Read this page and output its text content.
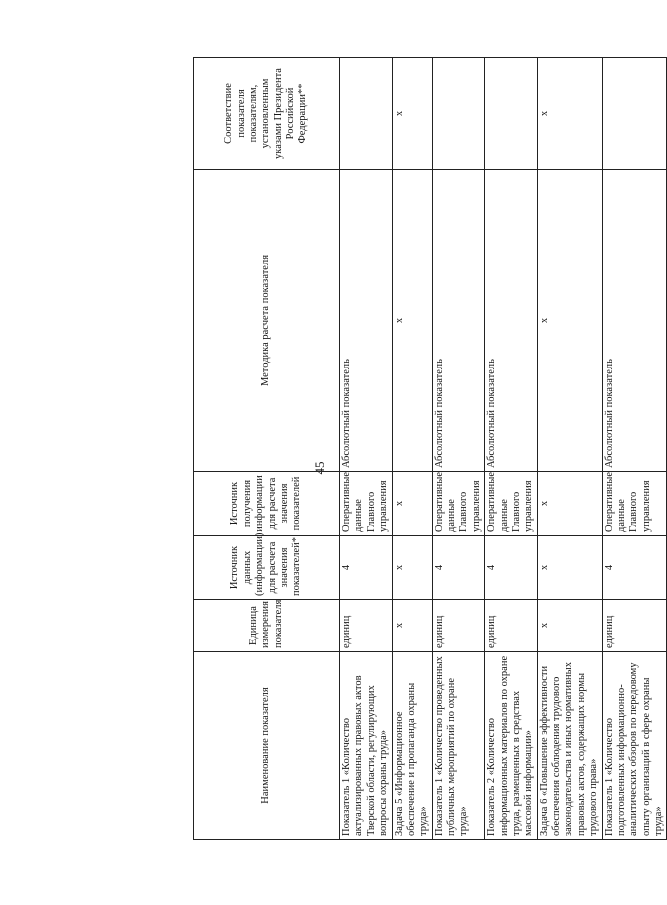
45
Наименование показателя	Единица измерения показателя	Источник данных (информации) для расчета значения показателей*	Источник получения информации для расчета значения показателей	Методика расчета показателя	Соответствие показателя показателям, установленным указами Президента Российской Федерации**
Показатель 1 «Количество актуализированных правовых актов Тверской области, регулирующих вопросы охраны труда»	единиц	4	Оперативные данные Главного управления	Абсолютный показатель	
Задача 5 «Информационное обеспечение и пропаганда охраны труда»	x	x	x	x	x
Показатель 1 «Количество проведенных публичных мероприятий по охране труда»	единиц	4	Оперативные данные Главного управления	Абсолютный показатель	
Показатель 2 «Количество информационных материалов по охране труда, размещенных в средствах массовой информации»	единиц	4	Оперативные данные Главного управления	Абсолютный показатель	
Задача 6 «Повышение эффективности обеспечения соблюдения трудового законодательства и иных нормативных правовых актов, содержащих нормы трудового права»	x	x	x	x	x
Показатель 1 «Количество подготовленных информационно-аналитических обзоров по передовому опыту организаций в сфере охраны труда»	единиц	4	Оперативные данные Главного управления	Абсолютный показатель	
